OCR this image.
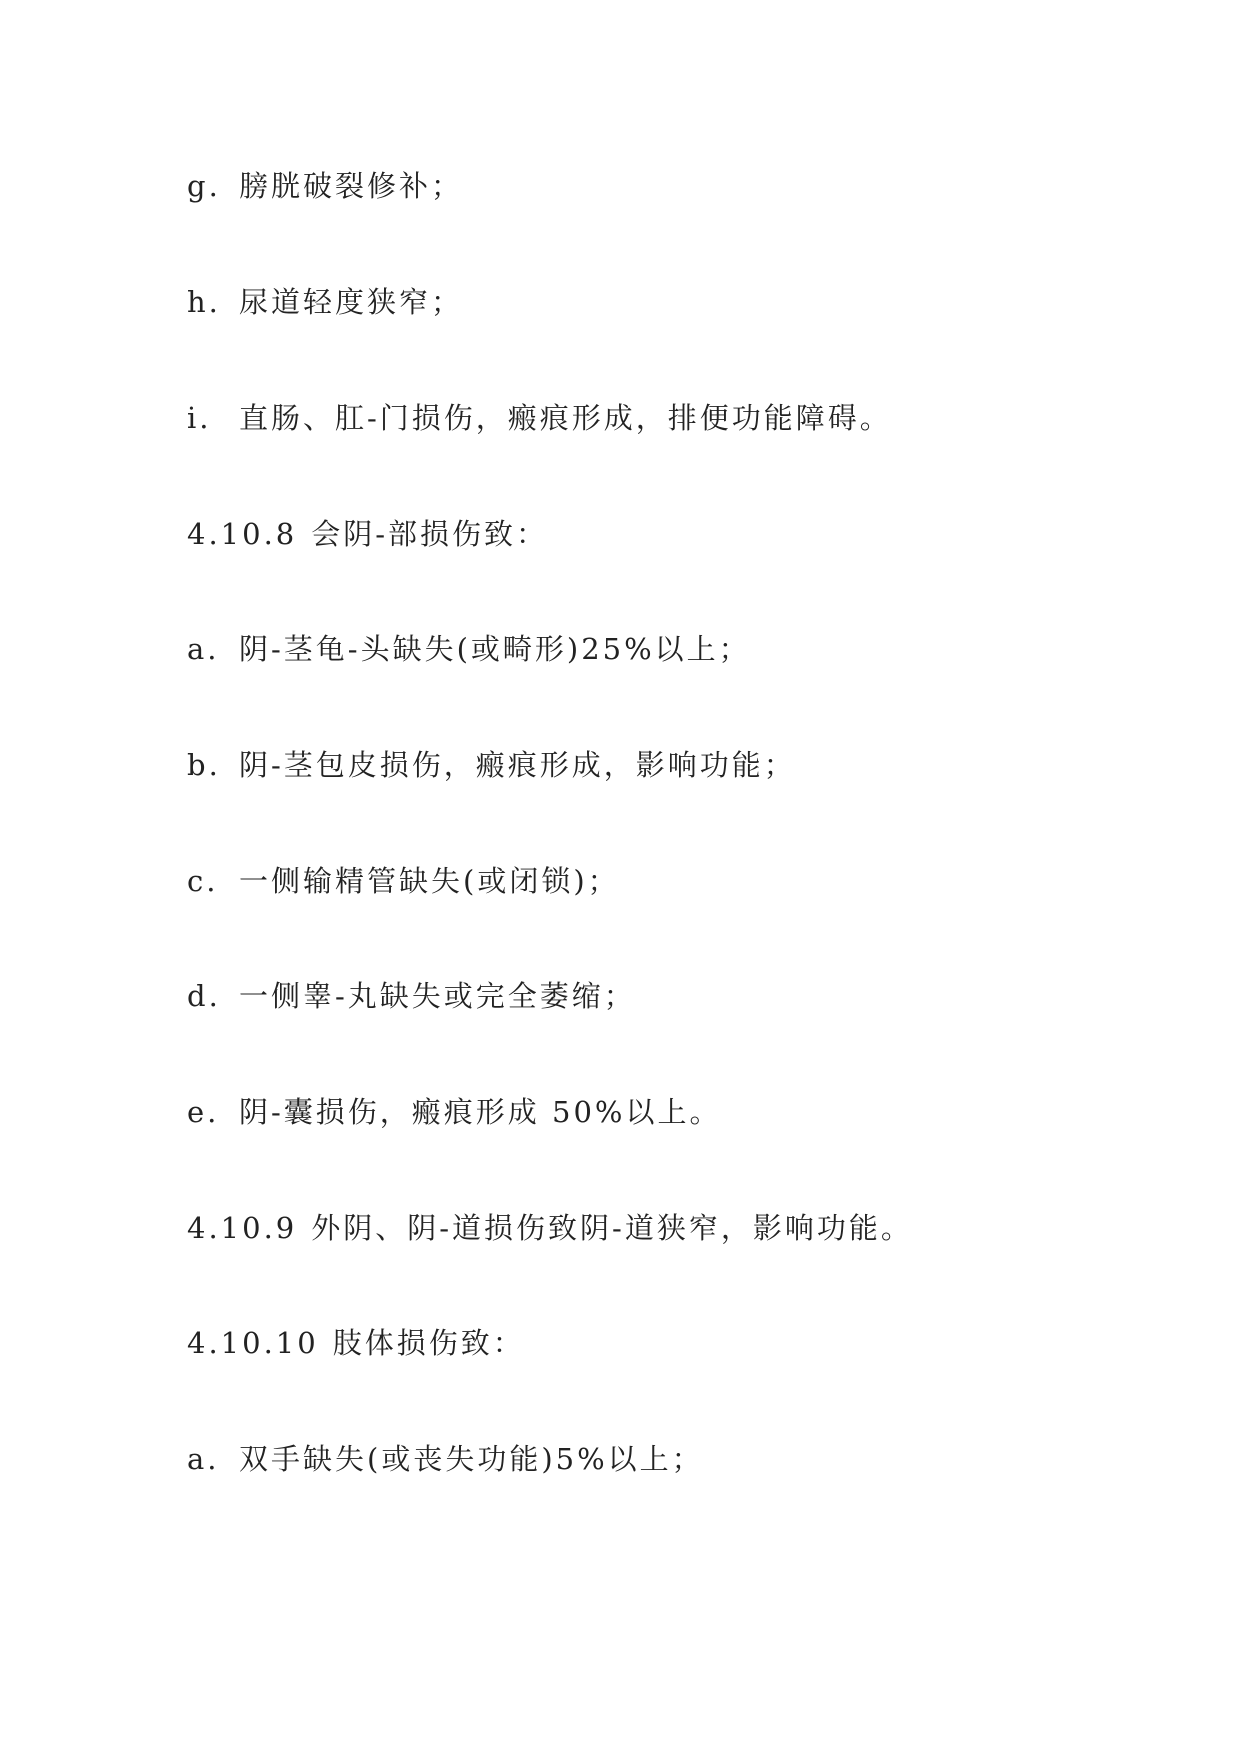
g. 膀胱破裂修补；
h. 尿道轻度狭窄；
i. 直肠、肛-门损伤，瘢痕形成，排便功能障碍。
4.10.8 会阴-部损伤致：
a. 阴-茎龟-头缺失(或畸形)25%以上；
b. 阴-茎包皮损伤，瘢痕形成，影响功能；
c. 一侧输精管缺失(或闭锁)；
d. 一侧睾-丸缺失或完全萎缩；
e. 阴-囊损伤，瘢痕形成 50%以上。
4.10.9 外阴、阴-道损伤致阴-道狭窄，影响功能。
4.10.10 肢体损伤致：
a. 双手缺失(或丧失功能)5%以上；
